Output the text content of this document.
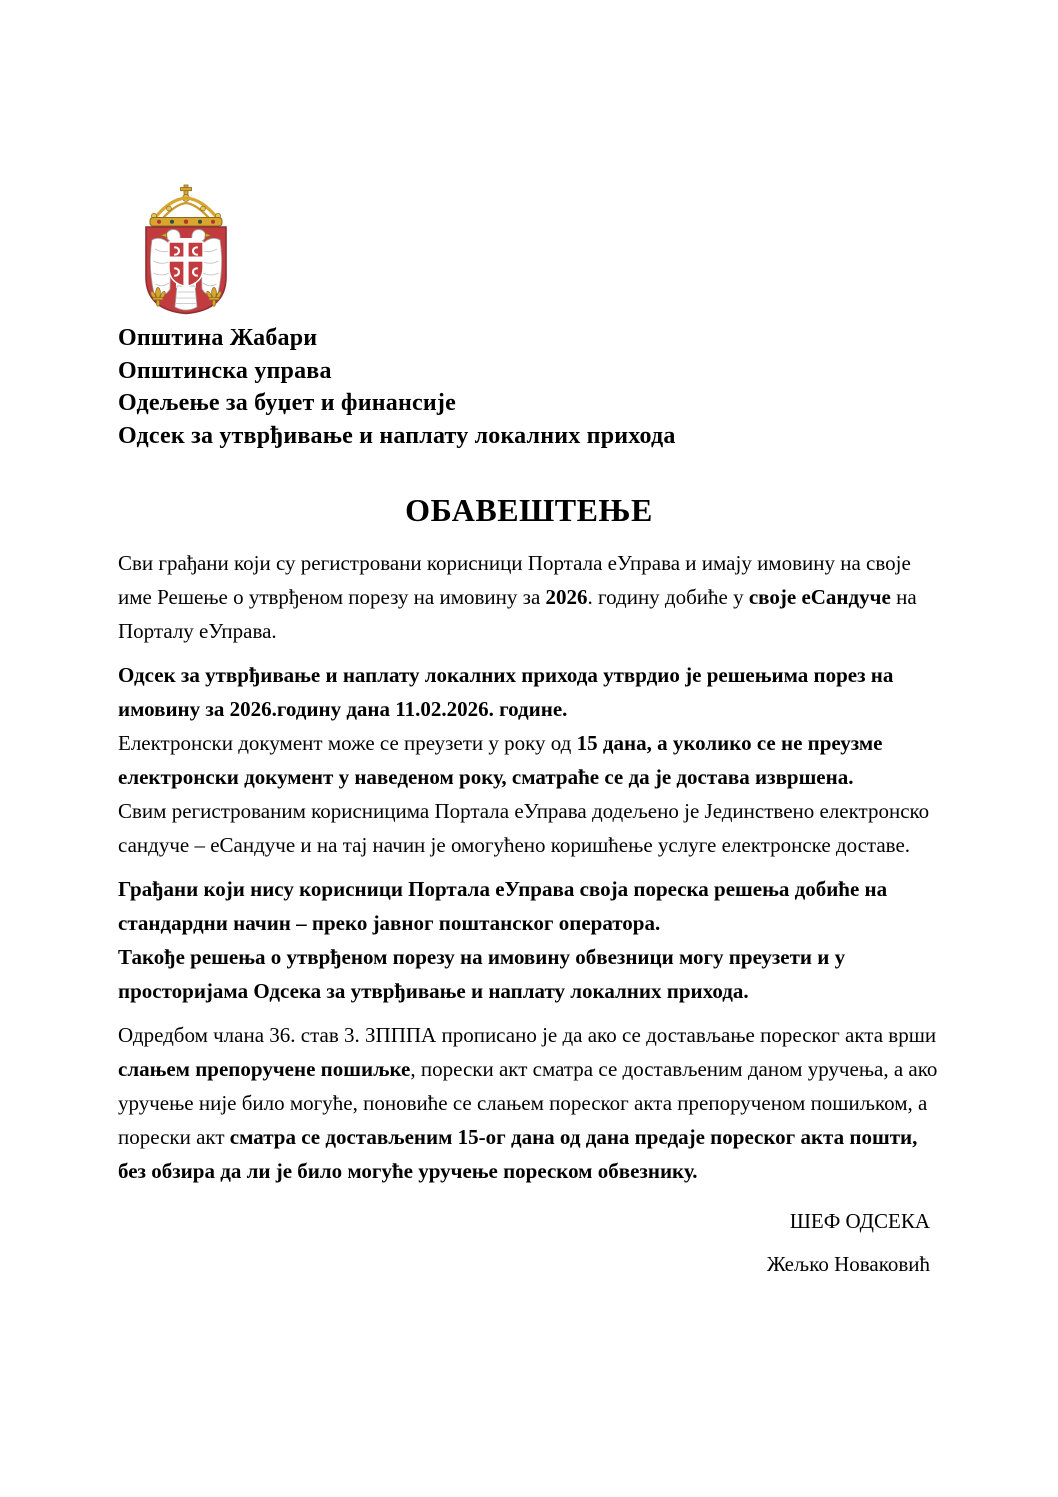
Општина Жабари
Општинска управа
Одељење за буџет и финансије
Одсек за утврђивање и наплату локалних прихода
ОБАВЕШТЕЊЕ

Сви грађани који су регистровани корисници Портала еУправа и имају имовину на своје име Решење о утврђеном порезу на имовину за 2026. годину добиће у своје еСандуче на Порталу еУправа.

Одсек за утврђивање и наплату локалних прихода утврдио је решењима порез на имовину за 2026.годину дана 11.02.2026. године.
Електронски документ може се преузети у року од 15 дана, а уколико се не преузме електронски документ у наведеном року, сматраће се да је достава извршена.
Свим регистрованим корисницима Портала еУправа додељено је Јединствено електронско сандуче – еСандуче и на тај начин је омогућено коришћење услуге електронске доставе.

Грађани који нису корисници Портала еУправа своја пореска решења добиће на стандардни начин – преко јавног поштанског оператора.
Такође решења о утврђеном порезу на имовину обвезници могу преузети и у просторијама Одсека за утврђивање и наплату локалних прихода.

Одредбом члана 36. став 3. ЗПППА прописано је да ако се достављање пореског акта врши слањем препоручене пошиљке, порески акт сматра се достављеним даном уручења, а ако уручење није било могуће, поновиће се слањем пореског акта препорученом пошиљком, а порески акт сматра се достављеним 15-ог дана од дана предаје пореског акта пошти, без обзира да ли је било могуће уручење пореском обвезнику.

ШЕФ ОДСЕКА
Жељко Новаковић
